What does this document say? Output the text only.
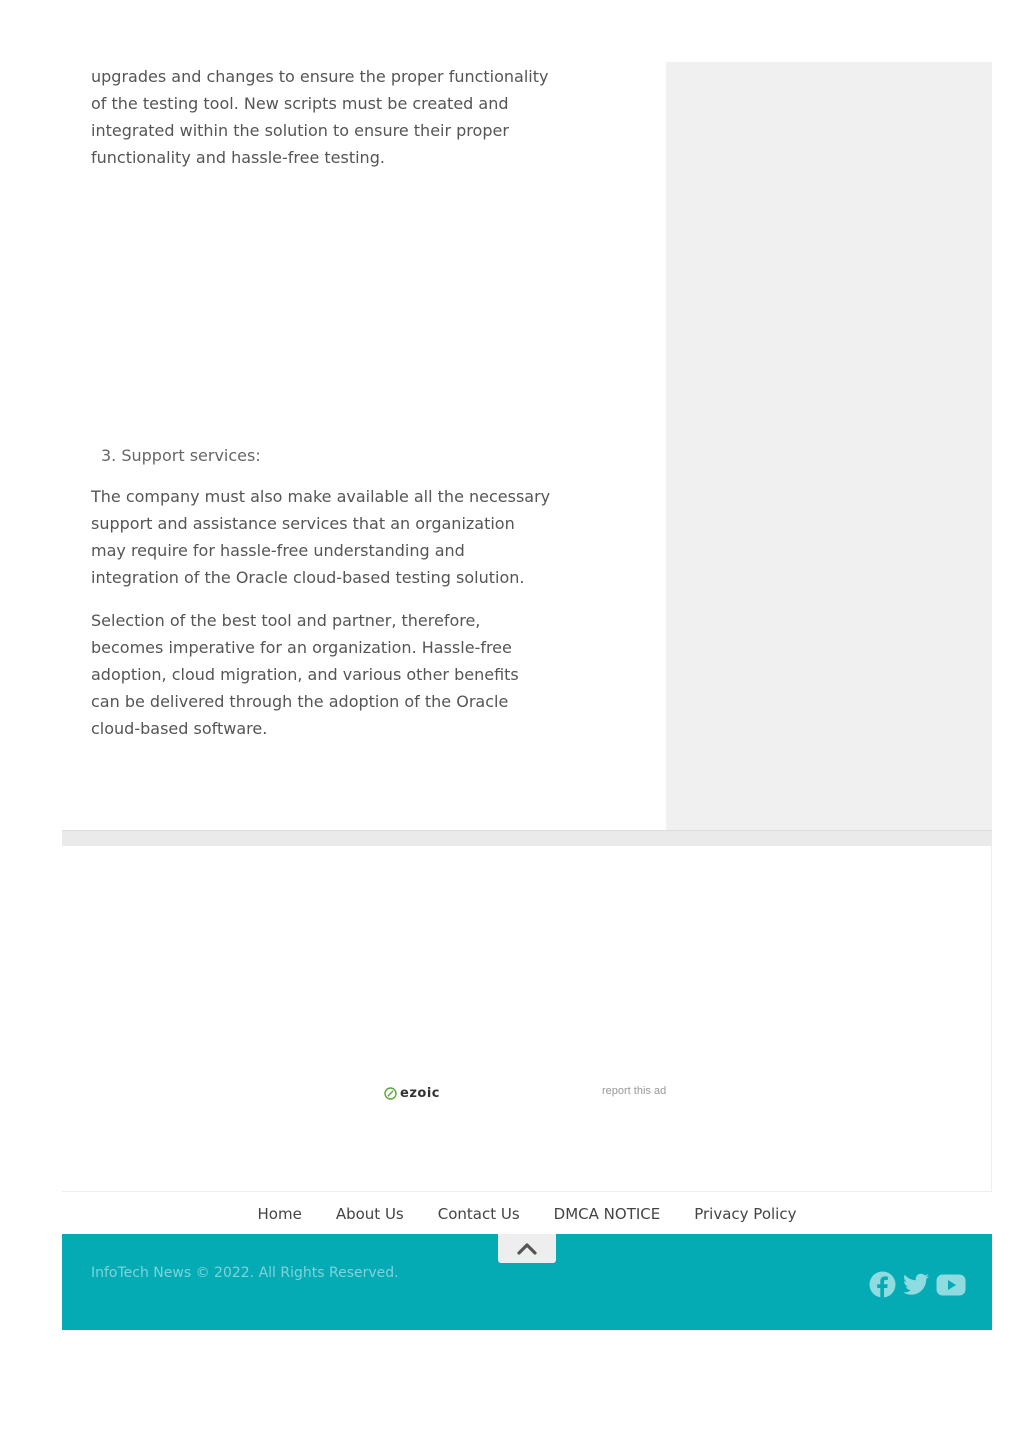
upgrades and changes to ensure the proper functionality of the testing tool. New scripts must be created and integrated within the solution to ensure their proper functionality and hassle-free testing.

3. Support services:

The company must also make available all the necessary support and assistance services that an organization may require for hassle-free understanding and integration of the Oracle cloud-based testing solution.

Selection of the best tool and partner, therefore, becomes imperative for an organization. Hassle-free adoption, cloud migration, and various other benefits can be delivered through the adoption of the Oracle cloud-based software.

ezoic	report this ad
Home About Us Contact Us DMCA NOTICE Privacy Policy
InfoTech News © 2022. All Rights Reserved.
